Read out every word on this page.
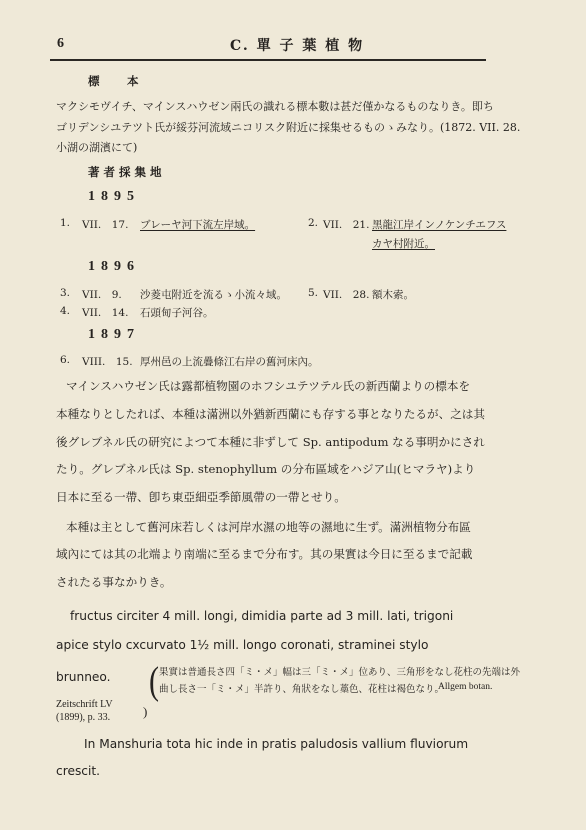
6	C. 單 子 葉 植 物
標　本
マクシモヴイチ、マインスハウゼン兩氏の識れる標本數は甚だ僅かなるものなりき。即ち
ゴリデンシユテツト氏が綏芬河流域ニコリスク附近に採集せるものゝみなり。(1872. VII. 28.
小湖の湖濱にて)
著者採集地
1895
1. VII.　17. ブレーヤ河下流左岸域。	2. VII.　21. 黑龍江岸インノケンチエフス
カヤ村附近。
1896
3. VII.　9. 沙菱屯附近を流るゝ小流々域。 5. VII.　28. 額木索。
4. VII.　14. 石頭甸子河谷。
1897
6. VIII.　15. 厚州邑の上流疊條江右岸の舊河床內。
マインスハウゼン氏は露都植物園のホフシユテツテル氏の新西蘭よりの標本を
本種なりとしたれば、本種は滿洲以外猶新西蘭にも存する事となりたるが、之は其
後グレブネル氏の研究によつて本種に非ずして Sp. antipodum なる事明かにされ
たり。グレブネル氏は Sp. stenophyllum の分布區域をハジア山(ヒマラヤ)より
日本に至る一帶、卽ち東亞細亞季節風帶の一帶とせり。
本種は主として舊河床若しくは河岸水濕の地等の濕地に生ず。滿洲植物分布區
域內にては其の北端より南端に至るまで分布す。其の果實は今日に至るまで記載
されたる事なかりき。
fructus circiter 4 mill. longi, dimidia parte ad 3 mill. lati, trigoni
apice stylo cxcurvato 1½ mill. longo coronati, straminei stylo
brunneo. ( 果實は普通長さ四「ミ・メ」幅は三「ミ・メ」位あり、三角形をなし花柱の先端は外
曲し長さ一「ミ・メ」半許り、角狀をなし藁色、花柱は褐色なり。
Allgem botan.
Zeitschrift LV
(1899), p. 33.	)
In Manshuria tota hic inde in pratis paludosis vallium fluviorum
crescit.
